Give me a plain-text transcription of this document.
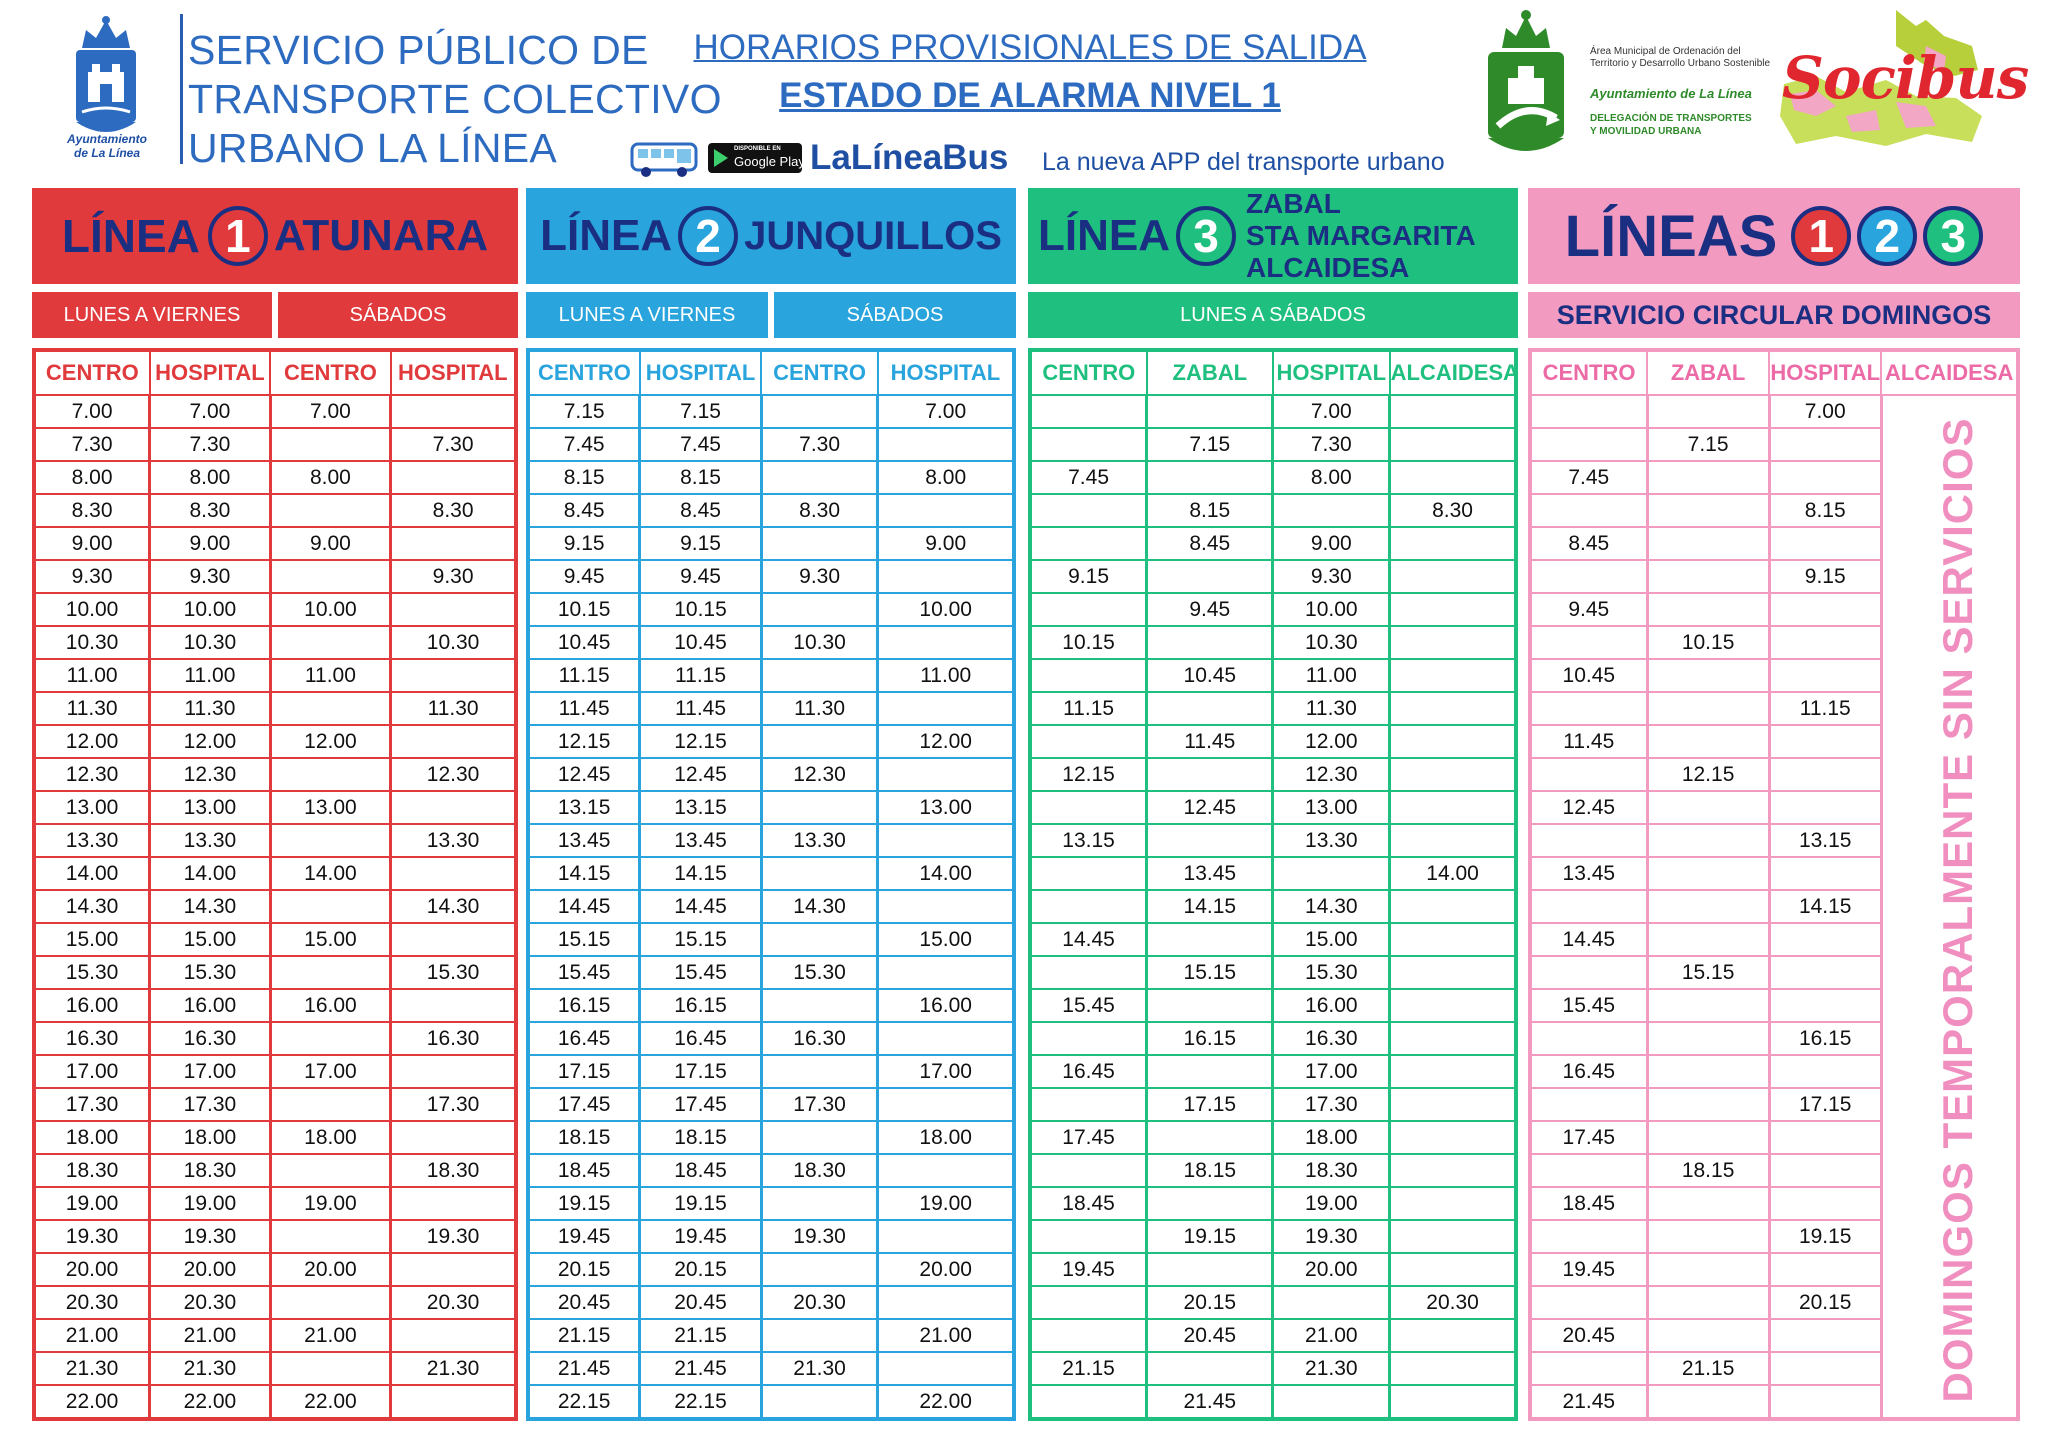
Ayuntamiento
de La Línea
SERVICIO PÚBLICO DE
TRANSPORTE COLECTIVO
URBANO LA LÍNEA
HORARIOS PROVISIONALES DE SALIDA
ESTADO DE ALARMA NIVEL 1
DISPONIBLE EN
Google Play LaLíneaBus La nueva APP del transporte urbano
Área Municipal de Ordenación del
Territorio y Desarrollo Urbano Sostenible
Ayuntamiento de La Línea
DELEGACIÓN DE TRANSPORTES
Y MOVILIDAD URBANA
Socibus
LÍNEA 1 ATUNARA
LUNES A VIERNES	SÁBADOS
CENTRO	HOSPITAL	CENTRO	HOSPITAL
7.00	7.00	7.00	
7.30	7.30		7.30
8.00	8.00	8.00	
8.30	8.30		8.30
9.00	9.00	9.00	
9.30	9.30		9.30
10.00	10.00	10.00	
10.30	10.30		10.30
11.00	11.00	11.00	
11.30	11.30		11.30
12.00	12.00	12.00	
12.30	12.30		12.30
13.00	13.00	13.00	
13.30	13.30		13.30
14.00	14.00	14.00	
14.30	14.30		14.30
15.00	15.00	15.00	
15.30	15.30		15.30
16.00	16.00	16.00	
16.30	16.30		16.30
17.00	17.00	17.00	
17.30	17.30		17.30
18.00	18.00	18.00	
18.30	18.30		18.30
19.00	19.00	19.00	
19.30	19.30		19.30
20.00	20.00	20.00	
20.30	20.30		20.30
21.00	21.00	21.00	
21.30	21.30		21.30
22.00	22.00	22.00	
LÍNEA 2 JUNQUILLOS
LUNES A VIERNES	SÁBADOS
CENTRO	HOSPITAL	CENTRO	HOSPITAL
7.15	7.15		7.00
7.45	7.45	7.30	
8.15	8.15		8.00
8.45	8.45	8.30	
9.15	9.15		9.00
9.45	9.45	9.30	
10.15	10.15		10.00
10.45	10.45	10.30	
11.15	11.15		11.00
11.45	11.45	11.30	
12.15	12.15		12.00
12.45	12.45	12.30	
13.15	13.15		13.00
13.45	13.45	13.30	
14.15	14.15		14.00
14.45	14.45	14.30	
15.15	15.15		15.00
15.45	15.45	15.30	
16.15	16.15		16.00
16.45	16.45	16.30	
17.15	17.15		17.00
17.45	17.45	17.30	
18.15	18.15		18.00
18.45	18.45	18.30	
19.15	19.15		19.00
19.45	19.45	19.30	
20.15	20.15		20.00
20.45	20.45	20.30	
21.15	21.15		21.00
21.45	21.45	21.30	
22.15	22.15		22.00
LÍNEA 3
ZABAL
STA MARGARITA
ALCAIDESA
LUNES A SÁBADOS
CENTRO	ZABAL	HOSPITAL	ALCAIDESA
		7.00	
	7.15	7.30	
7.45		8.00	
	8.15		8.30
	8.45	9.00	
9.15		9.30	
	9.45	10.00	
10.15		10.30	
	10.45	11.00	
11.15		11.30	
	11.45	12.00	
12.15		12.30	
	12.45	13.00	
13.15		13.30	
	13.45		14.00
	14.15	14.30	
14.45		15.00	
	15.15	15.30	
15.45		16.00	
	16.15	16.30	
16.45		17.00	
	17.15	17.30	
17.45		18.00	
	18.15	18.30	
18.45		19.00	
	19.15	19.30	
19.45		20.00	
	20.15		20.30
	20.45	21.00	
21.15		21.30	
	21.45		
LÍNEAS 1 2 3
SERVICIO CIRCULAR DOMINGOS
CENTRO	ZABAL	HOSPITAL	ALCAIDESA
		7.00	
	7.15		
7.45			
		8.15	
8.45			
		9.15	
9.45			
	10.15		
10.45			
		11.15	
11.45			
	12.15		
12.45			
		13.15	
13.45			
		14.15	
14.45			
	15.15		
15.45			
		16.15	
16.45			
		17.15	
17.45			
	18.15		
18.45			
		19.15	
19.45			
		20.15	
20.45			
	21.15		
21.45				DOMINGOS TEMPORALMENTE SIN SERVICIOS
